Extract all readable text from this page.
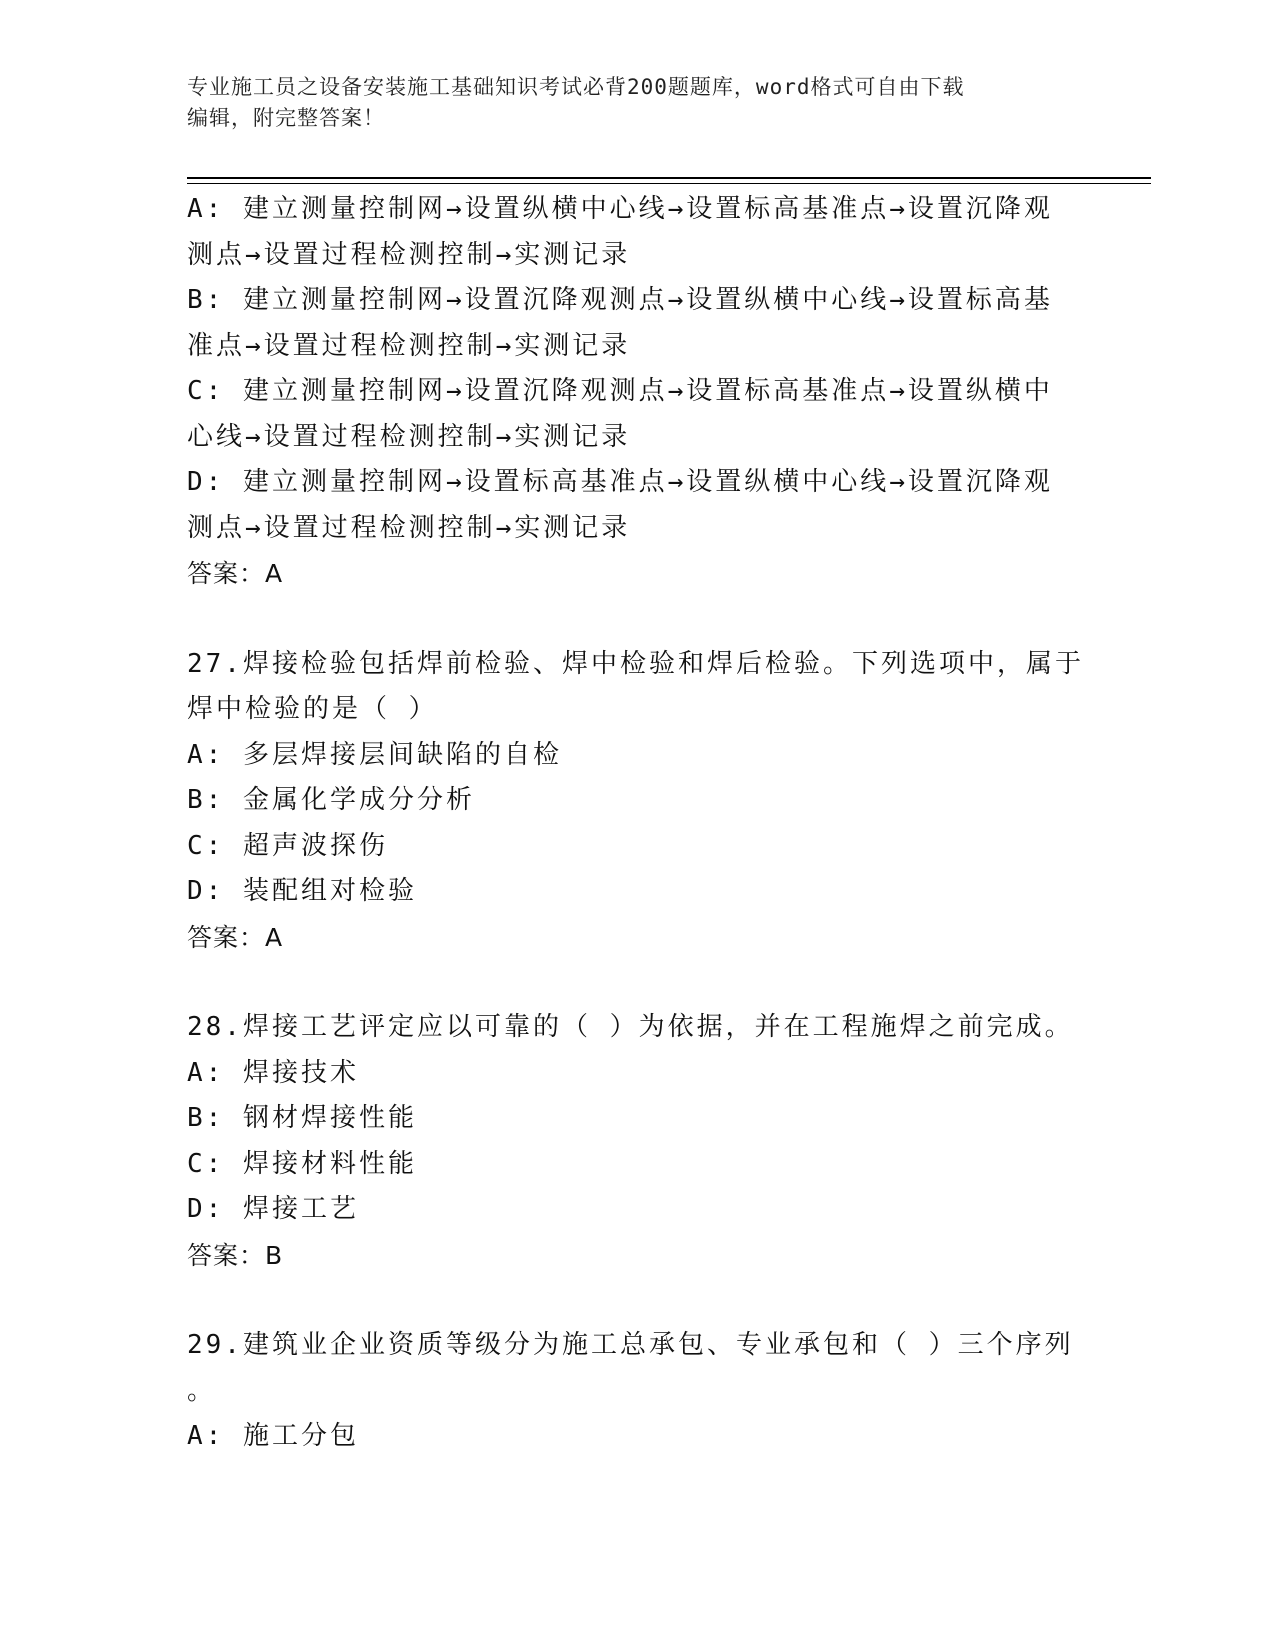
专业施工员之设备安装施工基础知识考试必背200题题库，word格式可自由下载
编辑，附完整答案！
A: 建立测量控制网→设置纵横中心线→设置标高基准点→设置沉降观
测点→设置过程检测控制→实测记录
B: 建立测量控制网→设置沉降观测点→设置纵横中心线→设置标高基
准点→设置过程检测控制→实测记录
C: 建立测量控制网→设置沉降观测点→设置标高基准点→设置纵横中
心线→设置过程检测控制→实测记录
D: 建立测量控制网→设置标高基准点→设置纵横中心线→设置沉降观
测点→设置过程检测控制→实测记录
答案：A
27.焊接检验包括焊前检验、焊中检验和焊后检验。下列选项中，属于
焊中检验的是（ ）
A: 多层焊接层间缺陷的自检
B: 金属化学成分分析
C: 超声波探伤
D: 装配组对检验
答案：A
28.焊接工艺评定应以可靠的（ ）为依据，并在工程施焊之前完成。
A: 焊接技术
B: 钢材焊接性能
C: 焊接材料性能
D: 焊接工艺
答案：B
29.建筑业企业资质等级分为施工总承包、专业承包和（ ）三个序列
。
A: 施工分包
